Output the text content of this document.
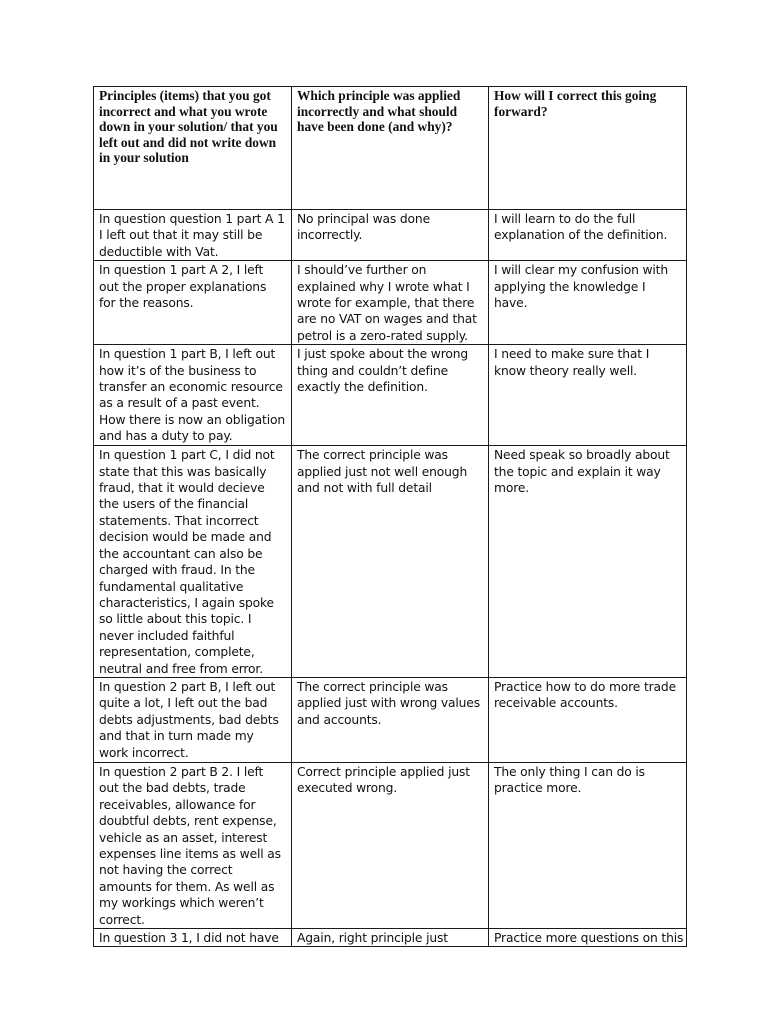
Principles (items) that you got incorrect and what you wrote down in your solution/ that you left out and did not write down in your solution	Which principle was applied incorrectly and what should have been done (and why)?	How will I correct this going forward?
In question question 1 part A 1 I left out that it may still be deductible with Vat.	No principal was done incorrectly.	I will learn to do the full explanation of the definition.
In question 1 part A 2, I left out the proper explanations for the reasons.	I should’ve further on explained why I wrote what I wrote for example, that there are no VAT on wages and that petrol is a zero-rated supply.	I will clear my confusion with applying the knowledge I have.
In question 1 part B, I left out how it’s of the business to transfer an economic resource as a result of a past event. How there is now an obligation and has a duty to pay.	I just spoke about the wrong thing and couldn’t define exactly the definition.	I need to make sure that I know theory really well.
In question 1 part C, I did not state that this was basically fraud, that it would decieve the users of the financial statements. That incorrect decision would be made and the accountant can also be charged with fraud. In the fundamental qualitative characteristics, I again spoke so little about this topic. I never included faithful representation, complete, neutral and free from error.	The correct principle was applied just not well enough and not with full detail	Need speak so broadly about the topic and explain it way more.
In question 2 part B, I left out quite a lot, I left out the bad debts adjustments, bad debts and that in turn made my work incorrect.	The correct principle was applied just with wrong values and accounts.	Practice how to do more trade receivable accounts.
In question 2 part B 2. I left out the bad debts, trade receivables, allowance for doubtful debts, rent expense, vehicle as an asset, interest expenses line items as well as not having the correct amounts for them. As well as my workings which weren’t correct.	Correct principle applied just executed wrong.	The only thing I can do is practice more.
In question 3 1, I did not have	Again, right principle just	Practice more questions on this
